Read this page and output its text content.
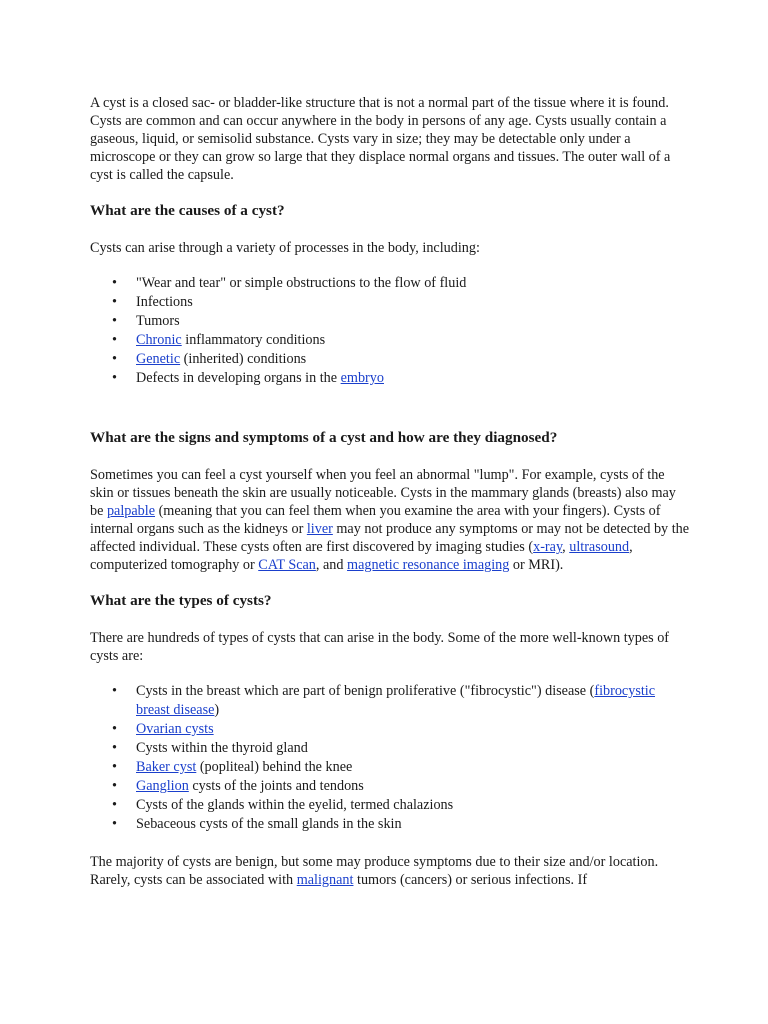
A cyst is a closed sac- or bladder-like structure that is not a normal part of the tissue where it is found. Cysts are common and can occur anywhere in the body in persons of any age. Cysts usually contain a gaseous, liquid, or semisolid substance. Cysts vary in size; they may be detectable only under a microscope or they can grow so large that they displace normal organs and tissues. The outer wall of a cyst is called the capsule.

What are the causes of a cyst?

Cysts can arise through a variety of processes in the body, including:

• "Wear and tear" or simple obstructions to the flow of fluid
• Infections
• Tumors
• Chronic inflammatory conditions
• Genetic (inherited) conditions
• Defects in developing organs in the embryo
What are the signs and symptoms of a cyst and how are they diagnosed?

Sometimes you can feel a cyst yourself when you feel an abnormal "lump". For example, cysts of the skin or tissues beneath the skin are usually noticeable. Cysts in the mammary glands (breasts) also may be palpable (meaning that you can feel them when you examine the area with your fingers). Cysts of internal organs such as the kidneys or liver may not produce any symptoms or may not be detected by the affected individual. These cysts often are first discovered by imaging studies (x-ray, ultrasound, computerized tomography or CAT Scan, and magnetic resonance imaging or MRI).

What are the types of cysts?

There are hundreds of types of cysts that can arise in the body. Some of the more well-known types of cysts are:

• Cysts in the breast which are part of benign proliferative ("fibrocystic") disease (fibrocystic breast disease)
• Ovarian cysts
• Cysts within the thyroid gland
• Baker cyst (popliteal) behind the knee
• Ganglion cysts of the joints and tendons
• Cysts of the glands within the eyelid, termed chalazions
• Sebaceous cysts of the small glands in the skin

The majority of cysts are benign, but some may produce symptoms due to their size and/or location. Rarely, cysts can be associated with malignant tumors (cancers) or serious infections. If
